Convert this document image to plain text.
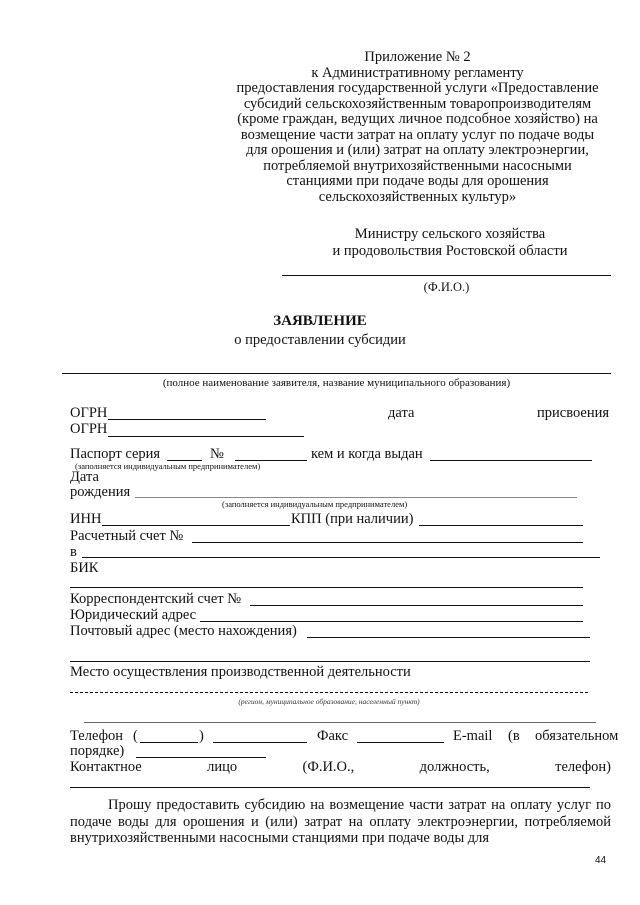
Приложение № 2
к Административному регламенту
предоставления государственной услуги «Предоставление
субсидий сельскохозяйственным товаропроизводителям
(кроме граждан, ведущих личное подсобное хозяйство) на
возмещение части затрат на оплату услуг по подаче воды
для орошения и (или) затрат на оплату электроэнергии,
потребляемой внутрихозяйственными насосными
станциями при подаче воды для орошения
сельскохозяйственных культур»
Министру сельского хозяйства
и продовольствия Ростовской области
(Ф.И.О.)
ЗАЯВЛЕНИЕ
о предоставлении субсидии
(полное наименование заявителя, название муниципального образования)
ОГРН	дата	присвоения
ОГРН
Паспорт серия	№	кем и когда выдан
(заполняется индивидуальным предпринимателем)
Дата
рождения
(заполняется индивидуальным предпринимателем)
ИНН	КПП (при наличии)
Расчетный счет №
в
БИК
Корреспондентский счет №
Юридический адрес
Почтовый адрес (место нахождения)
Место осуществления производственной деятельности
(регион, муниципальное образование, населенный пункт)
Телефон (	)	Факс	E-mail (в обязательном
порядке)
Контактное	лицо	(Ф.И.О.,	должность,	телефон)
Прошу предоставить субсидию на возмещение части затрат на оплату услуг по подаче воды для орошения и (или) затрат на оплату электроэнергии, потребляемой внутрихозяйственными насосными станциями при подаче воды для
44
